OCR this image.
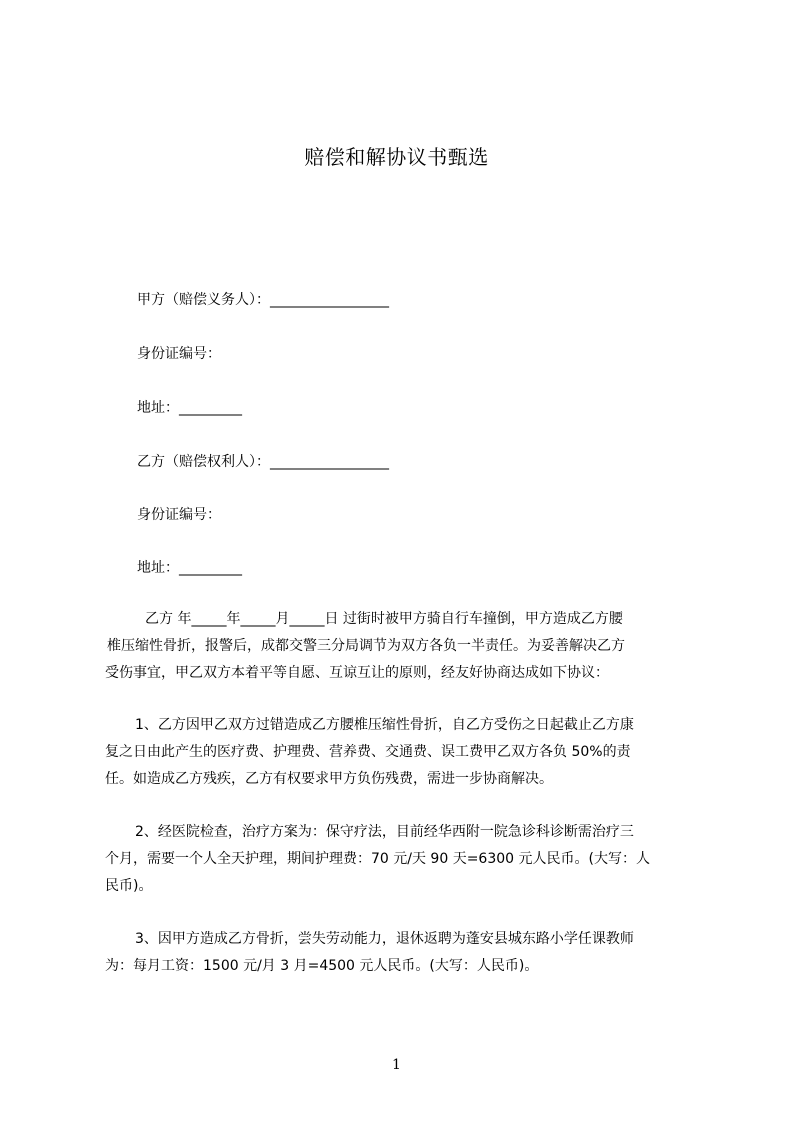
赔偿和解协议书甄选
甲方（赔偿义务人）：_________________
身份证编号：
地址：_________
乙方（赔偿权利人）：_________________
身份证编号：
地址：_________
乙方 年_____年_____月_____日 过街时被甲方骑自行车撞倒，甲方造成乙方腰
椎压缩性骨折，报警后，成都交警三分局调节为双方各负一半责任。为妥善解决乙方
受伤事宜，甲乙双方本着平等自愿、互谅互让的原则，经友好协商达成如下协议：
1、乙方因甲乙双方过错造成乙方腰椎压缩性骨折，自乙方受伤之日起截止乙方康
复之日由此产生的医疗费、护理费、营养费、交通费、误工费甲乙双方各负 50%的责
任。如造成乙方残疾，乙方有权要求甲方负伤残费，需进一步协商解决。
2、经医院检查，治疗方案为：保守疗法，目前经华西附一院急诊科诊断需治疗三
个月，需要一个人全天护理，期间护理费：70 元/天 90 天=6300 元人民币。(大写：人
民币)。
3、因甲方造成乙方骨折，尝失劳动能力，退休返聘为蓬安县城东路小学任课教师
为：每月工资：1500 元/月 3 月=4500 元人民币。(大写：人民币)。
1
